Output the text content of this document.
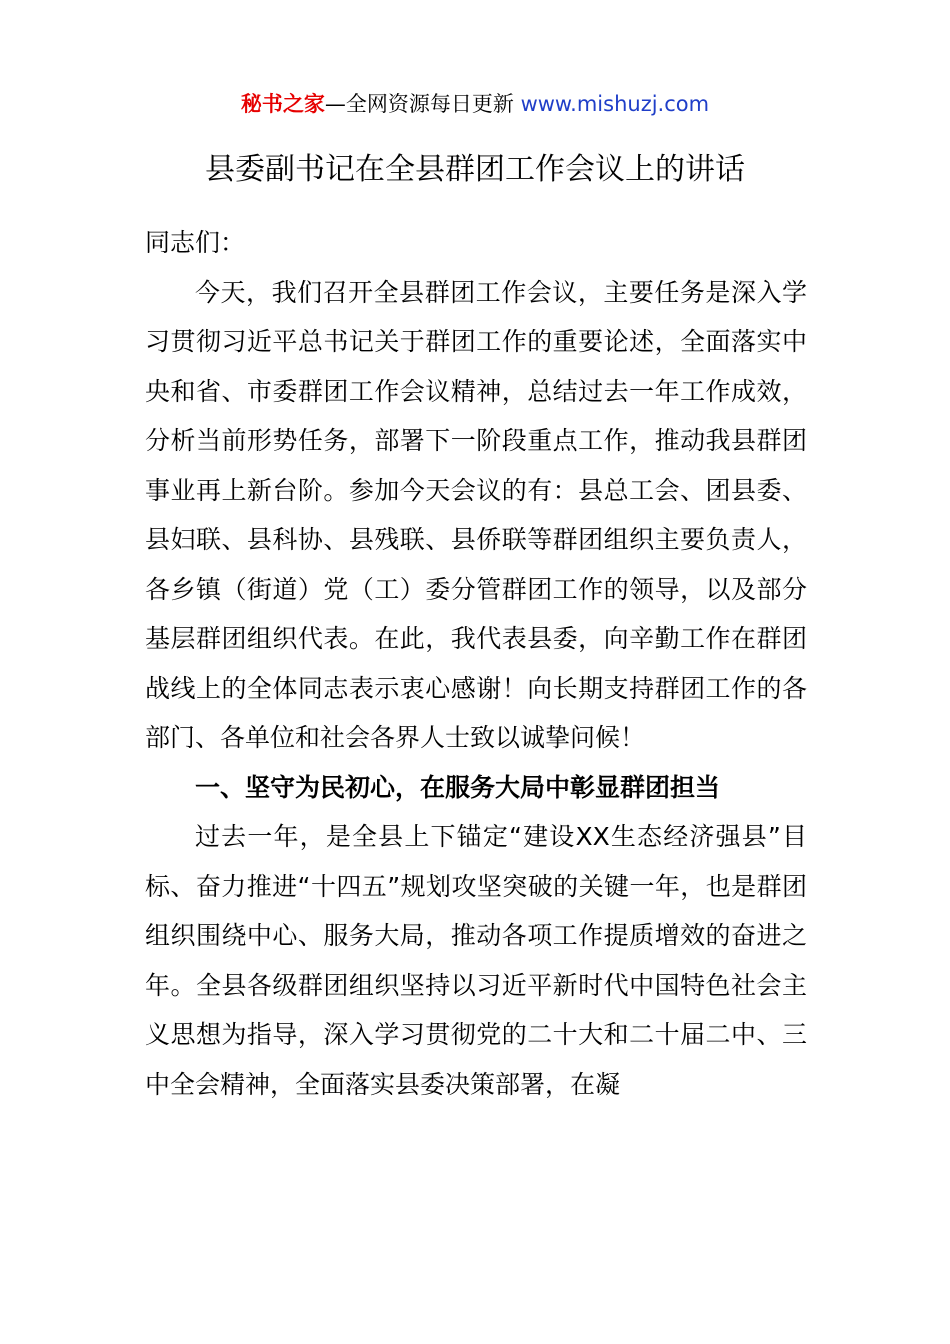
秘书之家—全网资源每日更新 www.mishuzj.com
县委副书记在全县群团工作会议上的讲话

同志们：

今天，我们召开全县群团工作会议，主要任务是深入学习贯彻习近平总书记关于群团工作的重要论述，全面落实中央和省、市委群团工作会议精神，总结过去一年工作成效，分析当前形势任务，部署下一阶段重点工作，推动我县群团事业再上新台阶。参加今天会议的有：县总工会、团县委、县妇联、县科协、县残联、县侨联等群团组织主要负责人，各乡镇（街道）党（工）委分管群团工作的领导，以及部分基层群团组织代表。在此，我代表县委，向辛勤工作在群团战线上的全体同志表示衷心感谢！向长期支持群团工作的各部门、各单位和社会各界人士致以诚挚问候！

一、坚守为民初心，在服务大局中彰显群团担当

过去一年，是全县上下锚定“建设XX生态经济强县”目标、奋力推进“十四五”规划攻坚突破的关键一年，也是群团组织围绕中心、服务大局，推动各项工作提质增效的奋进之年。全县各级群团组织坚持以习近平新时代中国特色社会主义思想为指导，深入学习贯彻党的二十大和二十届二中、三中全会精神，全面落实县委决策部署，在凝
